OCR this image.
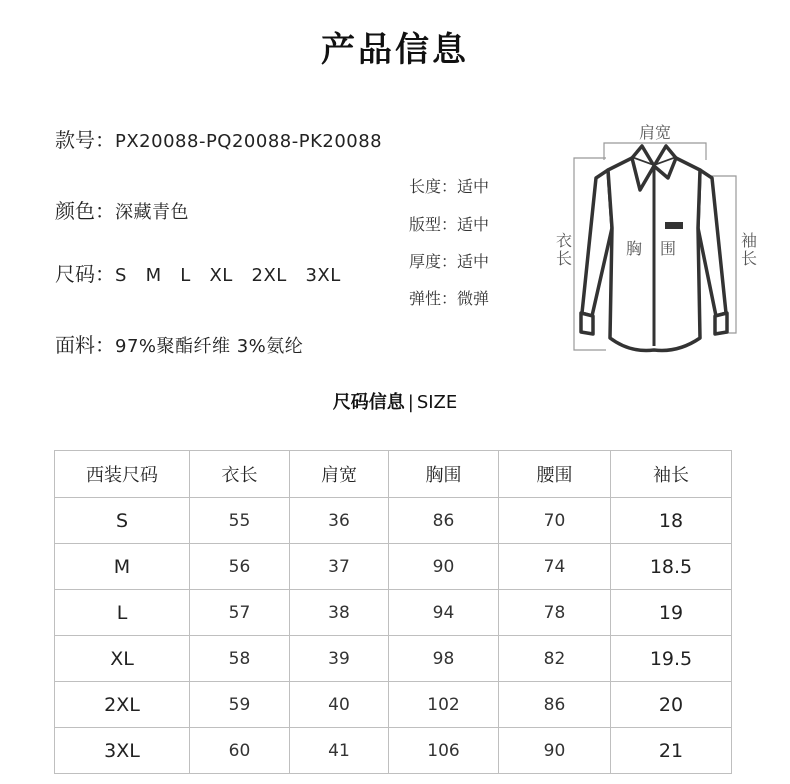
产品信息
款号：PX20088-PQ20088-PK20088
颜色：深藏青色
尺码：S   M   L   XL   2XL   3XL
面料：97%聚酯纤维 3%氨纶
长度：适中
版型：适中
厚度：适中
弹性：微弹
肩宽
衣长
胸围	袖长
尺码信息 | SIZE
西装尺码	衣长	肩宽	胸围	腰围	袖长
S	55	36	86	70	18
M	56	37	90	74	18.5
L	57	38	94	78	19
XL	58	39	98	82	19.5
2XL	59	40	102	86	20
3XL	60	41	106	90	21
